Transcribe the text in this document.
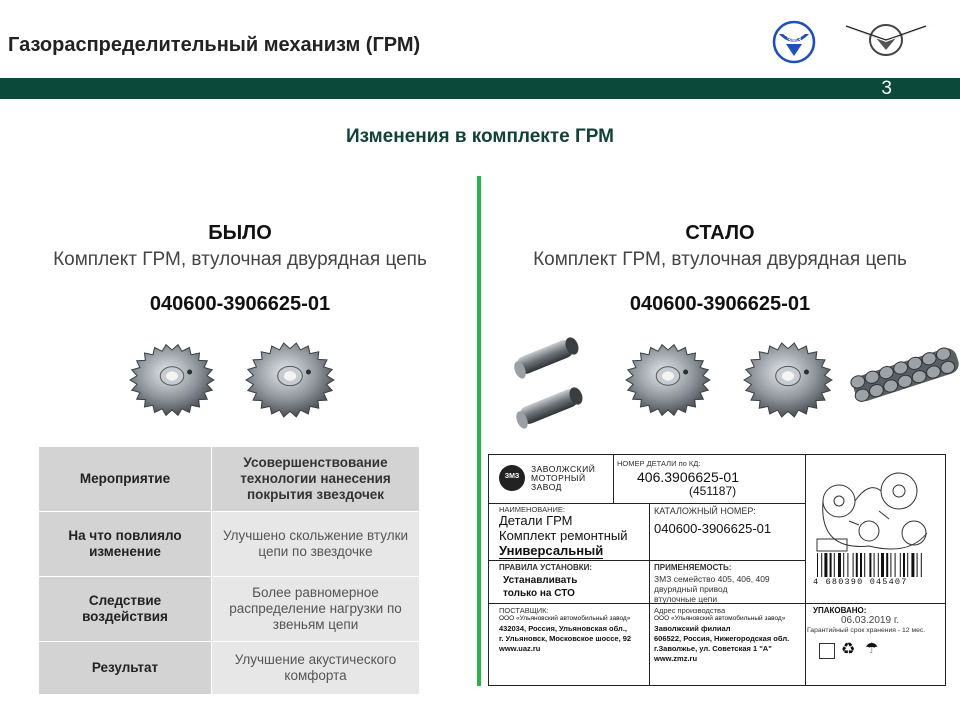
Газораспределительный механизм (ГРМ)	ЗМЗ
3
Изменения в комплекте ГРМ
БЫЛО
Комплект ГРМ, втулочная двурядная цепь
040600-3906625-01
СТАЛО
Комплект ГРМ, втулочная двурядная цепь
040600-3906625-01
Мероприятие	Усовершенствование технологии нанесения покрытия звездочек
На что повлияло изменение	Улучшено скольжение втулки цепи по звездочке
Следствие воздействия	Более равномерное распределение нагрузки по звеньям цепи
Результат	Улучшение акустического комфорта
ЗМЗ
ЗАВОЛЖСКИЙ МОТОРНЫЙ ЗАВОД
НОМЕР ДЕТАЛИ по КД:
406.3906625-01
(451187)
НАИМЕНОВАНИЕ:
Детали ГРМ
Комплект ремонтный
Универсальный
КАТАЛОЖНЫЙ НОМЕР:
040600-3906625-01
ПРАВИЛА УСТАНОВКИ:
Устанавливать
только на СТО
ПРИМЕНЯЕМОСТЬ:
ЗМЗ семейство 405, 406, 409
двурядный привод
втулочные цепи
ПОСТАВЩИК:
ООО «Ульяновский автомобильный завод»
432034, Россия, Ульяновская обл.,
г. Ульяновск, Московское шоссе, 92
www.uaz.ru
Адрес производства
ООО «Ульяновский автомобильный завод»
Заволжский филиал
606522, Россия, Нижегородская обл.
г.Заволжье, ул. Советская 1 "А"
www.zmz.ru
4 680390 045407
УПАКОВАНО:
06.03.2019 г.
Гарантийный срок хранения - 12 мес.
♻ ☂
